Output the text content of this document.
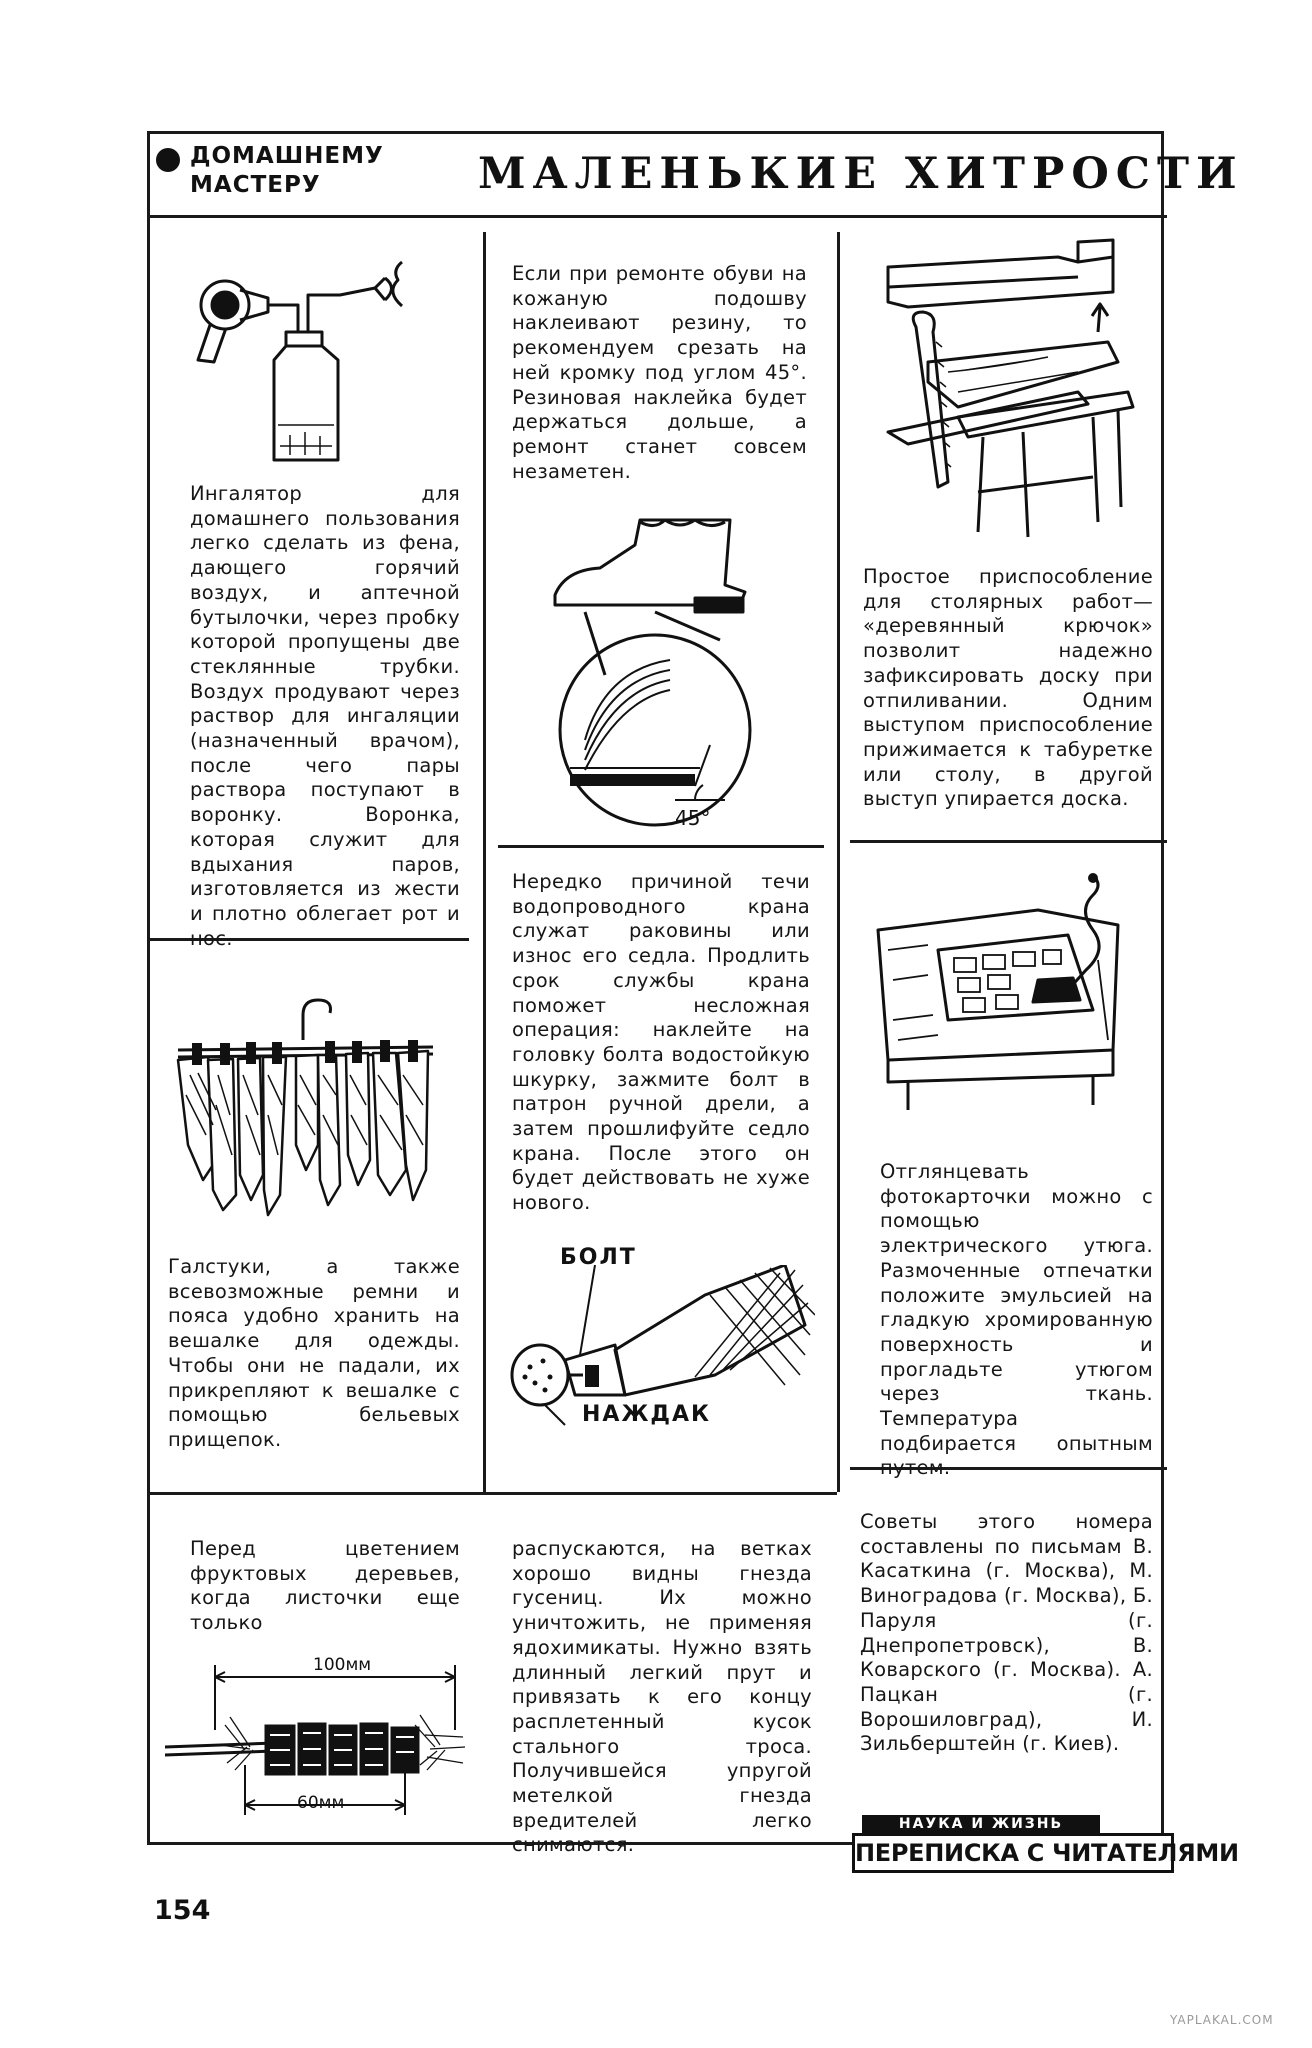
ДОМАШНЕМУ МАСТЕРУ	МАЛЕНЬКИЕ ХИТРОСТИ
45°
БОЛТ
НАЖДАК
100мм
60мм
Ингалятор для домашнего пользования легко сделать из фена, дающего горячий воздух, и аптечной бутылочки, через пробку которой пропущены две стеклянные трубки. Воздух продувают через раствор для ингаляции (назначенный врачом), после чего пары раствора поступают в воронку. Воронка, которая служит для вдыхания паров, изготовляется из жести и плотно облегает рот и нос.
Если при ремонте обуви на кожаную подошву наклеивают резину, то рекомендуем срезать на ней кромку под углом 45°. Резиновая наклейка будет держаться дольше, а ремонт станет совсем незаметен.
Простое приспособление для столярных работ— «деревянный крючок» позволит надежно зафиксировать доску при отпиливании. Одним выступом приспособление прижимается к табуретке или столу, в другой выступ упирается доска.
Галстуки, а также всевозможные ремни и пояса удобно хранить на вешалке для одежды. Чтобы они не падали, их прикрепляют к вешалке с помощью бельевых прищепок.
Нередко причиной течи водопроводного крана служат раковины или износ его седла. Продлить срок службы крана поможет несложная операция: наклейте на головку болта водостойкую шкурку, зажмите болт в патрон ручной дрели, а затем прошлифуйте седло крана. После этого он будет действовать не хуже нового.
Отглянцевать фотокарточки можно с помощью электрического утюга. Размоченные отпечатки положите эмульсией на гладкую хромированную поверхность и прогладьте утюгом через ткань. Температура подбирается опытным путем.
Перед цветением фруктовых деревьев, когда листочки еще только
распускаются, на ветках хорошо видны гнезда гусениц. Их можно уничтожить, не применяя ядохимикаты. Нужно взять длинный легкий прут и привязать к его концу расплетенный кусок стального троса. Получившейся упругой метелкой гнезда вредителей легко снимаются.
Советы этого номера составлены по письмам В. Касаткина (г. Москва), М. Виноградова (г. Москва), Б. Паруля (г. Днепропетровск), В. Коварского (г. Москва). А. Пацкан (г. Ворошиловград), И. Зильберштейн (г. Киев).
НАУКА И ЖИЗНЬ
ПЕРЕПИСКА С ЧИТАТЕЛЯМИ
154
YAPLAKAL.COM
